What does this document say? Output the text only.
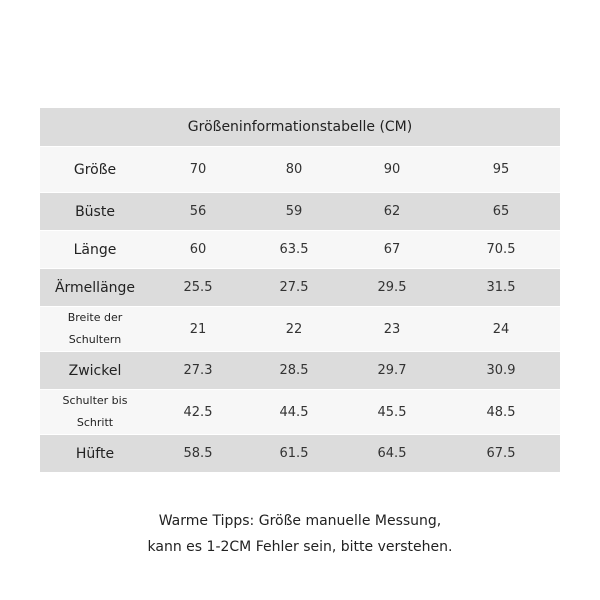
Größeninformationstabelle (CM)				
Größe	70	80	90	95
Büste	56	59	62	65
Länge	60	63.5	67	70.5
Ärmellänge	25.5	27.5	29.5	31.5

Breite der
Schultern	21	22	23	24
Zwickel	27.3	28.5	29.7	30.9

Schulter bis
Schritt	42.5	44.5	45.5	48.5
Hüfte	58.5	61.5	64.5	67.5
Warme Tipps: Größe manuelle Messung,
kann es 1-2CM Fehler sein, bitte verstehen.
